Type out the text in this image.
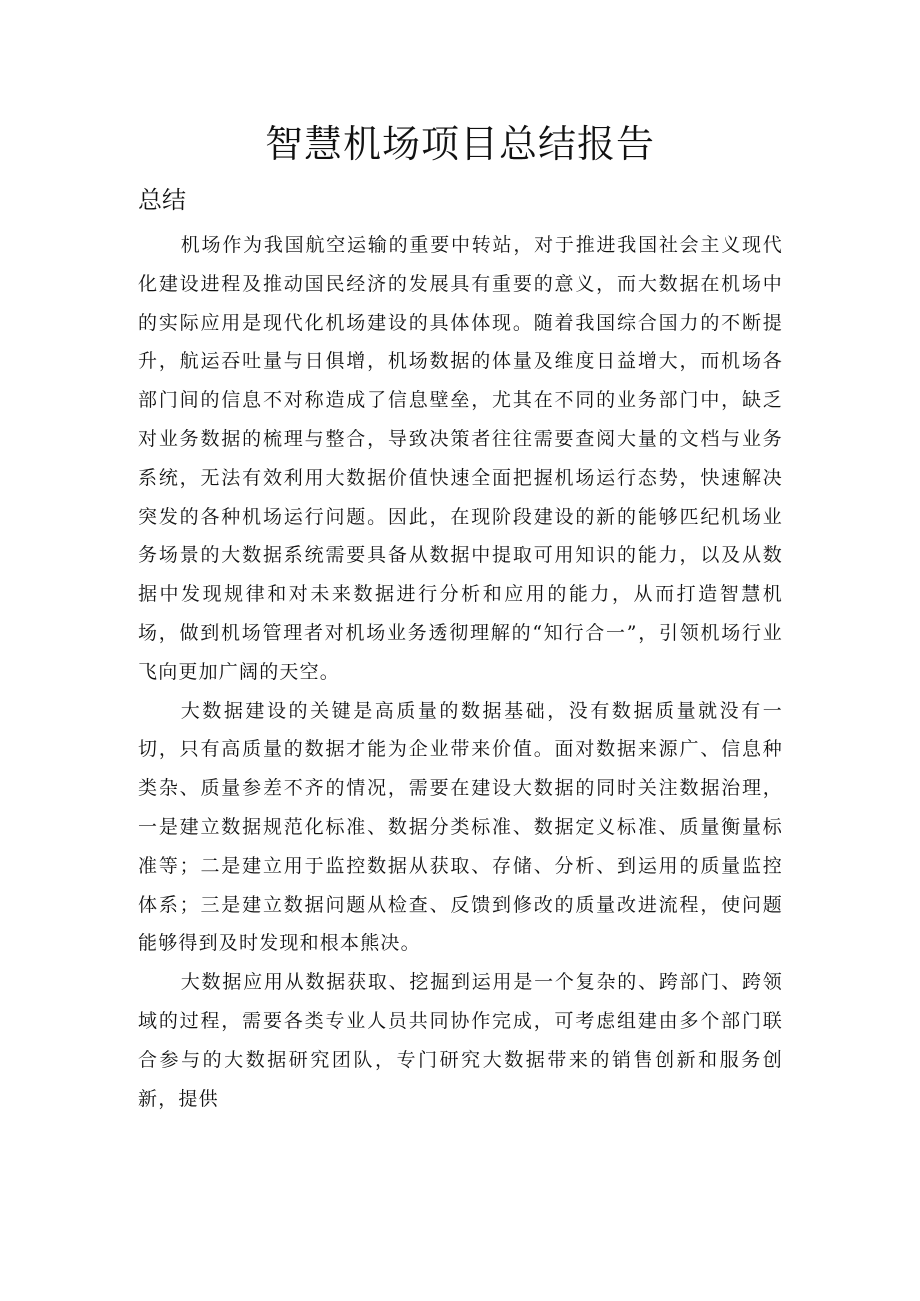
智慧机场项目总结报告
总结

机场作为我国航空运输的重要中转站，对于推进我国社会主义现代化建设进程及推动国民经济的发展具有重要的意义，而大数据在机场中的实际应用是现代化机场建设的具体体现。随着我国综合国力的不断提升，航运吞吐量与日俱增，机场数据的体量及维度日益增大，而机场各部门间的信息不对称造成了信息壁垒，尤其在不同的业务部门中，缺乏对业务数据的梳理与整合，导致决策者往往需要查阅大量的文档与业务系统，无法有效利用大数据价值快速全面把握机场运行态势，快速解决突发的各种机场运行问题。因此，在现阶段建设的新的能够匹纪机场业务场景的大数据系统需要具备从数据中提取可用知识的能力，以及从数据中发现规律和对未来数据进行分析和应用的能力，从而打造智慧机场，做到机场管理者对机场业务透彻理解的“知行合一”，引领机场行业飞向更加广阔的天空。

大数据建设的关键是高质量的数据基础，没有数据质量就没有一切，只有高质量的数据才能为企业带来价值。面对数据来源广、信息种类杂、质量参差不齐的情况，需要在建设大数据的同时关注数据治理，一是建立数据规范化标准、数据分类标准、数据定义标准、质量衡量标准等；二是建立用于监控数据从获取、存储、分析、到运用的质量监控体系；三是建立数据问题从检查、反馈到修改的质量改进流程，使问题能够得到及时发现和根本熊决。

大数据应用从数据获取、挖掘到运用是一个复杂的、跨部门、跨领域的过程，需要各类专业人员共同协作完成，可考虑组建由多个部门联合参与的大数据研究团队，专门研究大数据带来的销售创新和服务创新，提供
